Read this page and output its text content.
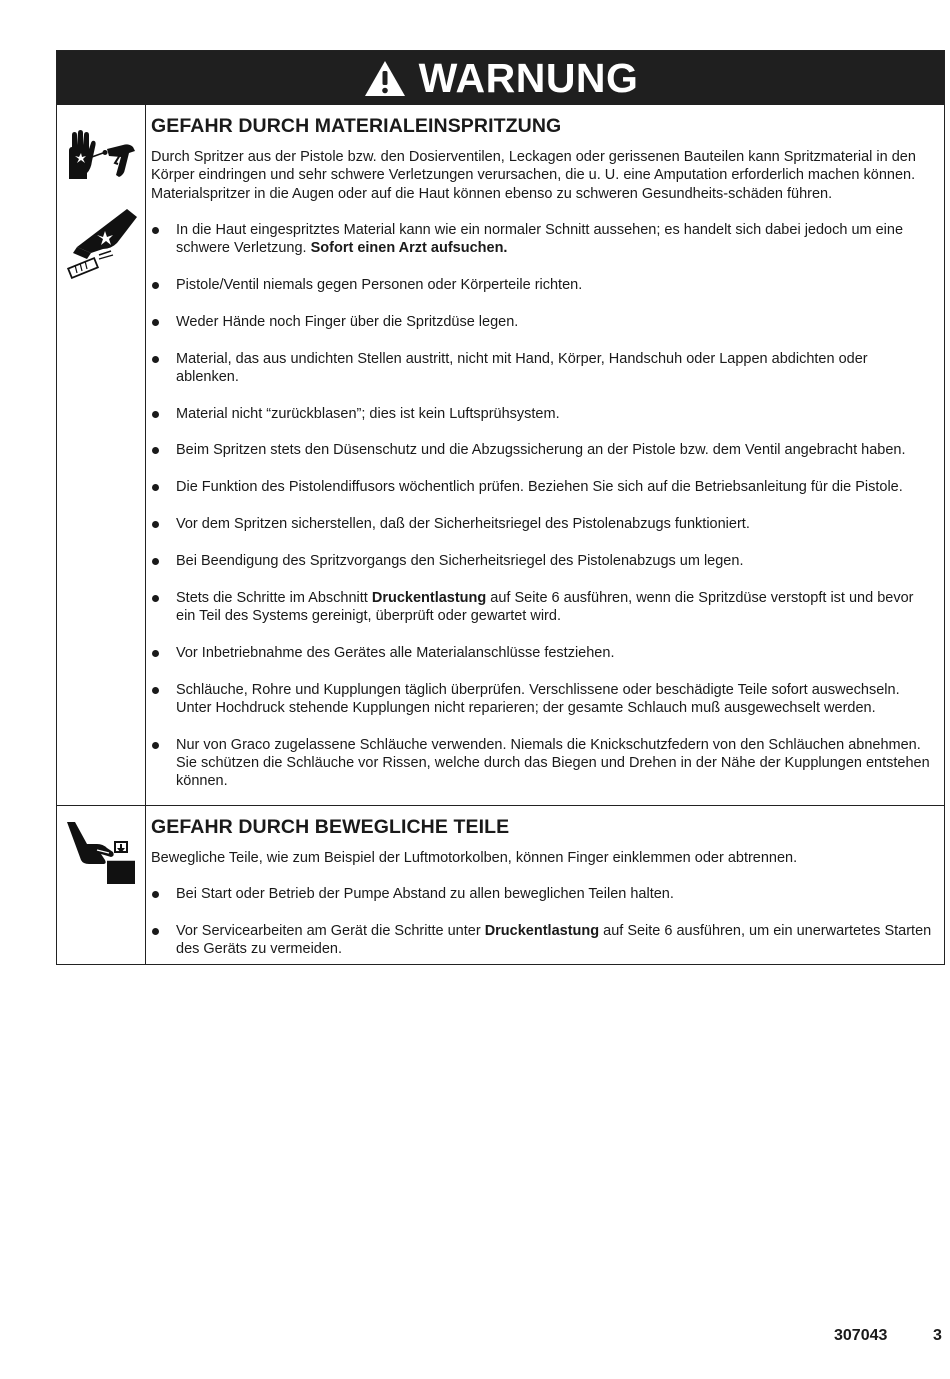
WARNUNG
GEFAHR DURCH MATERIALEINSPRITZUNG

Durch Spritzer aus der Pistole bzw. den Dosierventilen, Leckagen oder gerissenen Bauteilen kann Spritzmaterial in den Körper eindringen und sehr schwere Verletzungen verursachen, die u. U. eine Amputation erforderlich machen können. Materialspritzer in die Augen oder auf die Haut können ebenso zu schweren Gesundheits-schäden führen.

In die Haut eingespritztes Material kann wie ein normaler Schnitt aussehen; es handelt sich dabei jedoch um eine schwere Verletzung. Sofort einen Arzt aufsuchen.
Pistole/Ventil niemals gegen Personen oder Körperteile richten.
Weder Hände noch Finger über die Spritzdüse legen.
Material, das aus undichten Stellen austritt, nicht mit Hand, Körper, Handschuh oder Lappen abdichten oder ablenken.
Material nicht “zurückblasen”; dies ist kein Luftsprühsystem.
Beim Spritzen stets den Düsenschutz und die Abzugssicherung an der Pistole bzw. dem Ventil angebracht haben.
Die Funktion des Pistolendiffusors wöchentlich prüfen. Beziehen Sie sich auf die Betriebsanleitung für die Pistole.
Vor dem Spritzen sicherstellen, daß der Sicherheitsriegel des Pistolenabzugs funktioniert.
Bei Beendigung des Spritzvorgangs den Sicherheitsriegel des Pistolenabzugs um legen.
Stets die Schritte im Abschnitt Druckentlastung auf Seite 6 ausführen, wenn die Spritzdüse verstopft ist und bevor ein Teil des Systems gereinigt, überprüft oder gewartet wird.
Vor Inbetriebnahme des Gerätes alle Materialanschlüsse festziehen.
Schläuche, Rohre und Kupplungen täglich überprüfen. Verschlissene oder beschädigte Teile sofort auswechseln. Unter Hochdruck stehende Kupplungen nicht reparieren; der gesamte Schlauch muß ausgewechselt werden.
Nur von Graco zugelassene Schläuche verwenden. Niemals die Knickschutzfedern von den Schläuchen abnehmen. Sie schützen die Schläuche vor Rissen, welche durch das Biegen und Drehen in der Nähe der Kupplungen entstehen können.
GEFAHR DURCH BEWEGLICHE TEILE

Bewegliche Teile, wie zum Beispiel der Luftmotorkolben, können Finger einklemmen oder abtrennen.

Bei Start oder Betrieb der Pumpe Abstand zu allen beweglichen Teilen halten.
Vor Servicearbeiten am Gerät die Schritte unter Druckentlastung auf Seite 6 ausführen, um ein unerwartetes Starten des Geräts zu vermeiden.
307043	3
